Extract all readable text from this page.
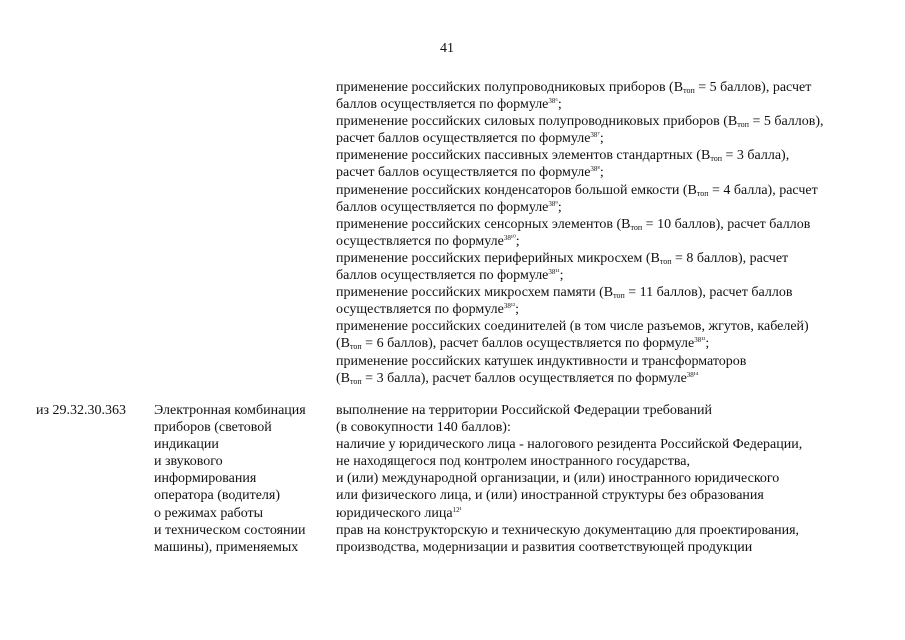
41
применение российских полупроводниковых приборов ($В_{топ} = 5$ баллов), расчет
баллов осуществляется по формуле$^{38^6}$;
применение российских силовых полупроводниковых приборов ($В_{топ} = 5$ баллов),
расчет баллов осуществляется по формуле$^{38^7}$;
применение российских пассивных элементов стандартных ($В_{топ} = 3$ балла),
расчет баллов осуществляется по формуле$^{38^8}$;
применение российских конденсаторов большой емкости ($В_{топ} = 4$ балла), расчет
баллов осуществляется по формуле$^{38^9}$;
применение российских сенсорных элементов ($В_{топ} = 10$ баллов), расчет баллов
осуществляется по формуле$^{38^{10}}$;
применение российских периферийных микросхем ($В_{топ} = 8$ баллов), расчет
баллов осуществляется по формуле$^{38^{11}}$;
применение российских микросхем памяти ($В_{топ} = 11$ баллов), расчет баллов
осуществляется по формуле$^{38^{12}}$;
применение российских соединителей (в том числе разъемов, жгутов, кабелей)
($В_{топ} = 6$ баллов), расчет баллов осуществляется по формуле$^{38^{13}}$;
применение российских катушек индуктивности и трансформаторов
($В_{топ} = 3$ балла), расчет баллов осуществляется по формуле$^{38^{14}}$
из 29.32.30.363	Электронная комбинация
приборов (световой
индикации
и звукового
информирования
оператора (водителя)
о режимах работы
и техническом состоянии
машины), применяемых
выполнение на территории Российской Федерации требований
(в совокупности 140 баллов):
наличие у юридического лица - налогового резидента Российской Федерации,
не находящегося под контролем иностранного государства,
и (или) международной организации, и (или) иностранного юридического
или физического лица, и (или) иностранной структуры без образования
юридического лица$^{12^1}$
прав на конструкторскую и техническую документацию для проектирования,
производства, модернизации и развития соответствующей продукции
